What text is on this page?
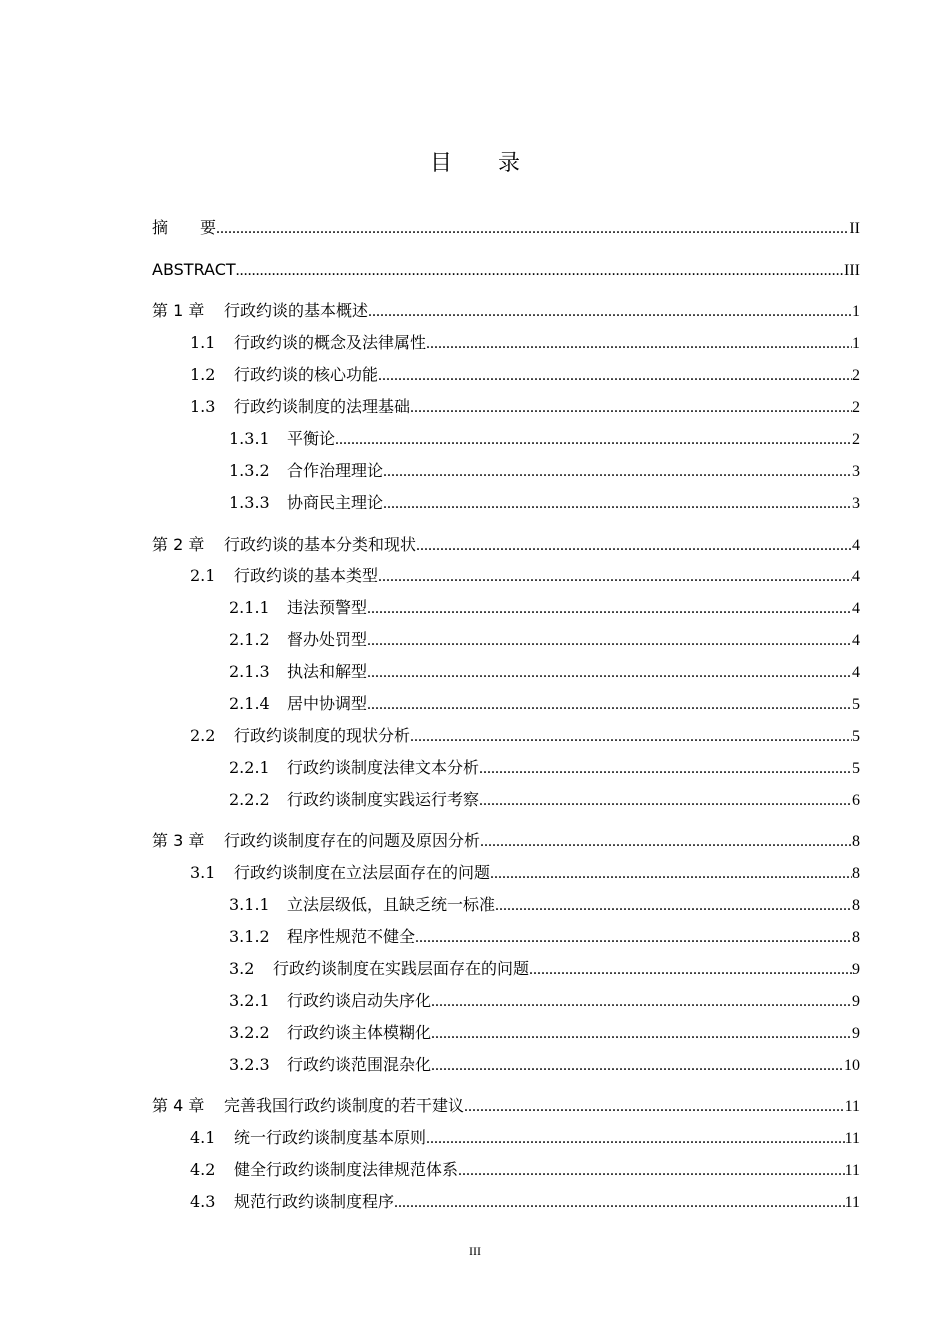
目 录
摘　　要 .....	II
ABSTRACT .....	III
第 1 章	行政约谈的基本概述 .....	1
1.1	行政约谈的概念及法律属性 .....	1
1.2	行政约谈的核心功能 .....	2
1.3	行政约谈制度的法理基础 .....	2
1.3.1	平衡论 .....	2
1.3.2	合作治理理论 .....	3
1.3.3	协商民主理论 .....	3
第 2 章	行政约谈的基本分类和现状 .....	4
2.1	行政约谈的基本类型 .....	4
2.1.1	违法预警型 .....	4
2.1.2	督办处罚型 .....	4
2.1.3	执法和解型 .....	4
2.1.4	居中协调型 .....	5
2.2	行政约谈制度的现状分析 .....	5
2.2.1	行政约谈制度法律文本分析 .....	5
2.2.2	行政约谈制度实践运行考察 .....	6
第 3 章	行政约谈制度存在的问题及原因分析 .....	8
3.1	行政约谈制度在立法层面存在的问题 .....	8
3.1.1	立法层级低，且缺乏统一标准 .....	8
3.1.2	程序性规范不健全 .....	8
3.2	行政约谈制度在实践层面存在的问题 .....	9
3.2.1	行政约谈启动失序化 .....	9
3.2.2	行政约谈主体模糊化 .....	9
3.2.3	行政约谈范围混杂化 .....	10
第 4 章	完善我国行政约谈制度的若干建议 .....	11
4.1	统一行政约谈制度基本原则 .....	11
4.2	健全行政约谈制度法律规范体系 .....	11
4.3	规范行政约谈制度程序 .....	11
III
